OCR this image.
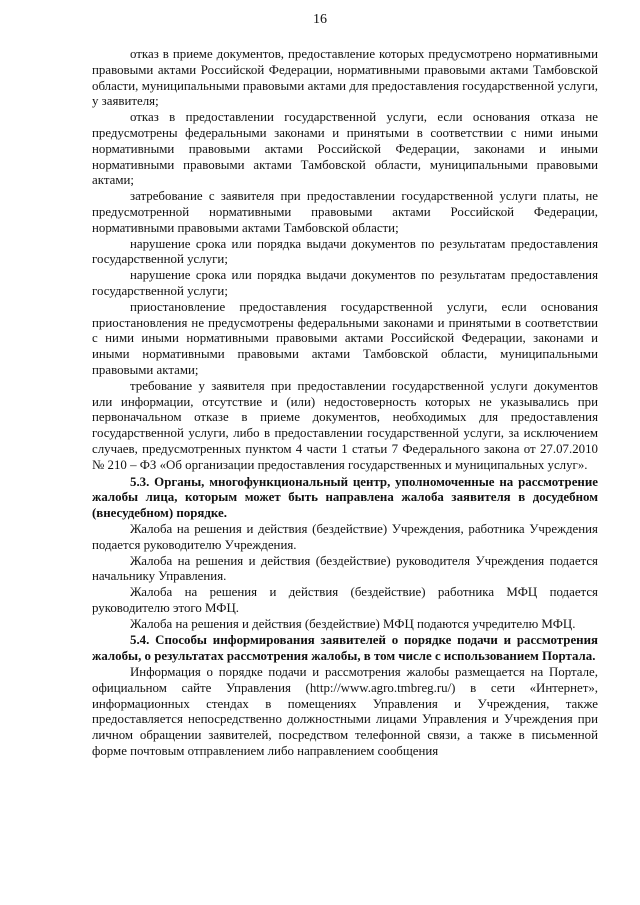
16

отказ в приеме документов, предоставление которых предусмотрено нормативными правовыми актами Российской Федерации, нормативными правовыми актами Тамбовской области, муниципальными правовыми актами для предоставления государственной услуги, у заявителя;

отказ в предоставлении государственной услуги, если основания отказа не предусмотрены федеральными законами и принятыми в соответствии с ними иными нормативными правовыми актами Российской Федерации, законами и иными нормативными правовыми актами Тамбовской области, муниципальными правовыми актами;

затребование с заявителя при предоставлении государственной услуги платы, не предусмотренной нормативными правовыми актами Российской Федерации, нормативными правовыми актами Тамбовской области;

нарушение срока или порядка выдачи документов по результатам предоставления государственной услуги;

нарушение срока или порядка выдачи документов по результатам предоставления государственной услуги;

приостановление предоставления государственной услуги, если основания приостановления не предусмотрены федеральными законами и принятыми в соответствии с ними иными нормативными правовыми актами Российской Федерации, законами и иными нормативными правовыми актами Тамбовской области, муниципальными правовыми актами;

требование у заявителя при предоставлении государственной услуги документов или информации, отсутствие и (или) недостоверность которых не указывались при первоначальном отказе в приеме документов, необходимых для предоставления государственной услуги, либо в предоставлении государственной услуги, за исключением случаев, предусмотренных пунктом 4 части 1 статьи 7 Федерального закона от 27.07.2010 № 210 – ФЗ «Об организации предоставления государственных и муниципальных услуг».

5.3. Органы, многофункциональный центр, уполномоченные на рассмотрение жалобы лица, которым может быть направлена жалоба заявителя в досудебном (внесудебном) порядке.

Жалоба на решения и действия (бездействие) Учреждения, работника Учреждения подается руководителю Учреждения.

Жалоба на решения и действия (бездействие) руководителя Учреждения подается начальнику Управления.

Жалоба на решения и действия (бездействие) работника МФЦ подается руководителю этого МФЦ.

Жалоба на решения и действия (бездействие) МФЦ подаются учредителю МФЦ.

5.4. Способы информирования заявителей о порядке подачи и рассмотрения жалобы, о результатах рассмотрения жалобы, в том числе с использованием Портала.

Информация о порядке подачи и рассмотрения жалобы размещается на Портале, официальном сайте Управления (http://www.agro.tmbreg.ru/) в сети «Интернет», информационных стендах в помещениях Управления и Учреждения, также предоставляется непосредственно должностными лицами Управления и Учреждения при личном обращении заявителей, посредством телефонной связи, а также в письменной форме почтовым отправлением либо направлением сообщения
